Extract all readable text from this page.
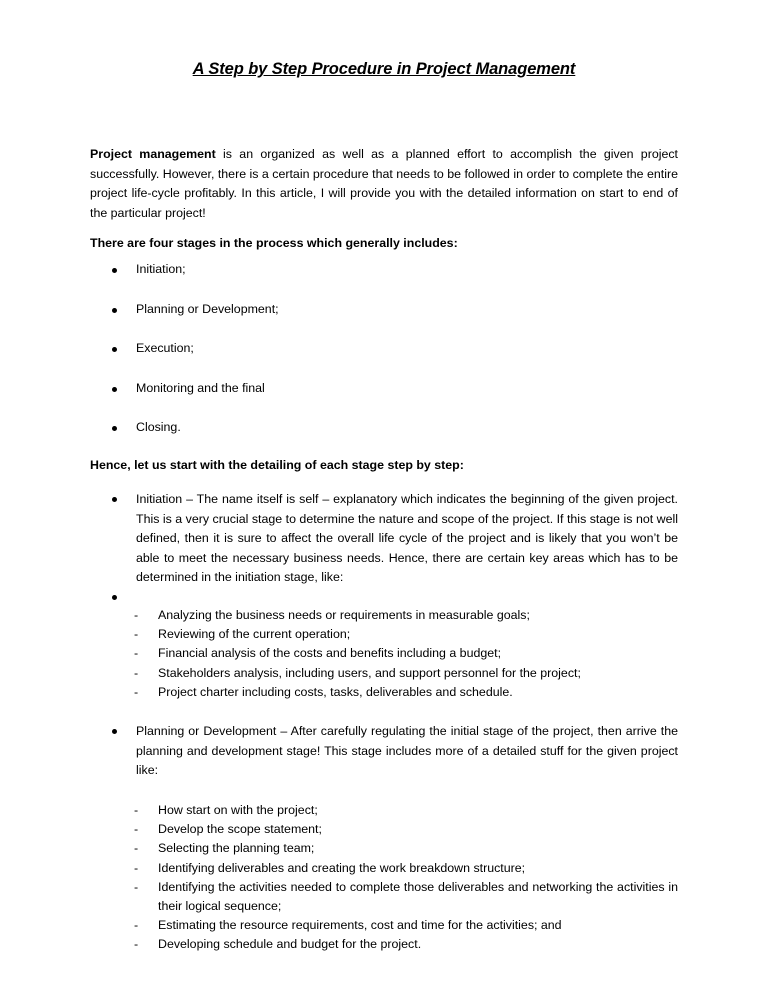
A Step by Step Procedure in Project Management

Project management is an organized as well as a planned effort to accomplish the given project successfully. However, there is a certain procedure that needs to be followed in order to complete the entire project life-cycle profitably. In this article, I will provide you with the detailed information on start to end of the particular project!

There are four stages in the process which generally includes:
Initiation;
Planning or Development;
Execution;
Monitoring and the final
Closing.
Hence, let us start with the detailing of each stage step by step:
Initiation – The name itself is self – explanatory which indicates the beginning of the given project. This is a very crucial stage to determine the nature and scope of the project. If this stage is not well defined, then it is sure to affect the overall life cycle of the project and is likely that you won’t be able to meet the necessary business needs. Hence, there are certain key areas which has to be determined in the initiation stage, like:
- Analyzing the business needs or requirements in measurable goals;
- Reviewing of the current operation;
- Financial analysis of the costs and benefits including a budget;
- Stakeholders analysis, including users, and support personnel for the project;
- Project charter including costs, tasks, deliverables and schedule.
Planning or Development – After carefully regulating the initial stage of the project, then arrive the planning and development stage! This stage includes more of a detailed stuff for the given project like:
- How start on with the project;
- Develop the scope statement;
- Selecting the planning team;
- Identifying deliverables and creating the work breakdown structure;
- Identifying the activities needed to complete those deliverables and networking the activities in their logical sequence;
- Estimating the resource requirements, cost and time for the activities; and
- Developing schedule and budget for the project.
